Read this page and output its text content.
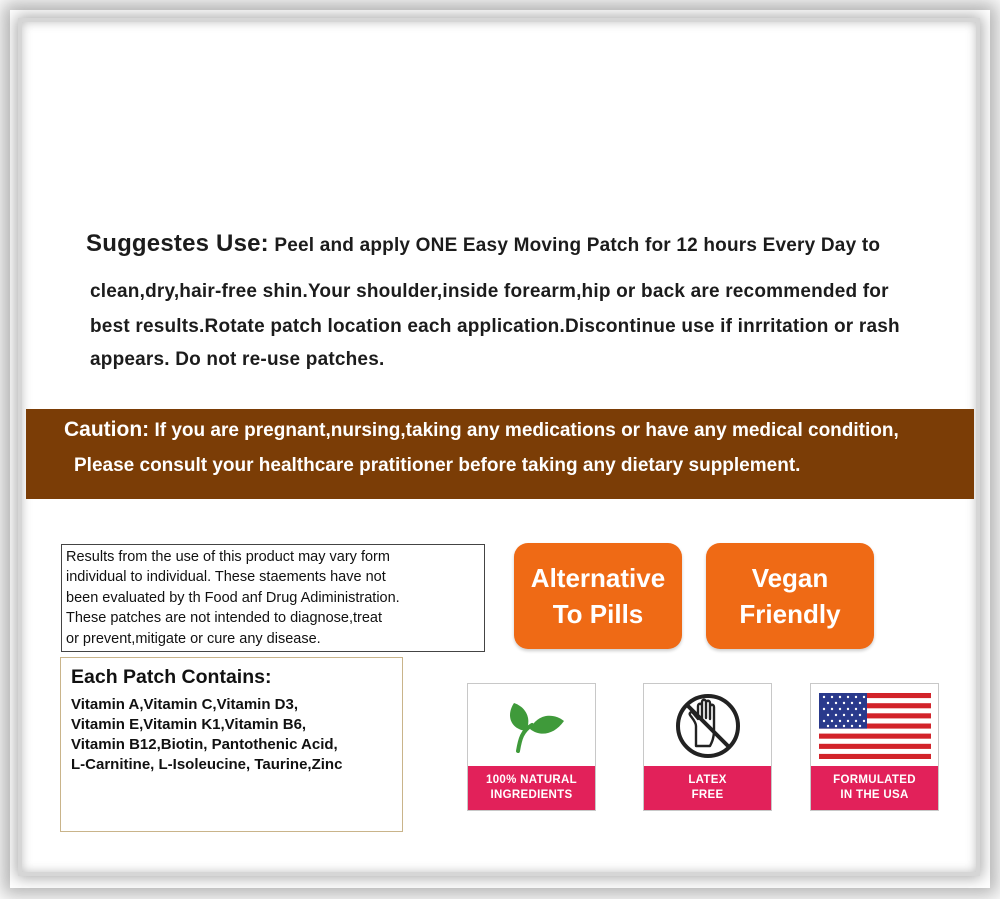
Suggestes Use: Peel and apply ONE Easy Moving Patch for 12 hours Every Day to
clean,dry,hair-free shin.Your shoulder,inside forearm,hip or back are recommended for
best results.Rotate patch location each application.Discontinue use if inrritation or rash
appears. Do not re-use patches.
Caution: If you are pregnant,nursing,taking any medications or have any medical condition,
Please consult your healthcare pratitioner before taking any dietary supplement.
Results from the use of this product may vary form
individual to individual. These staements have not
been evaluated by th Food anf Drug Adiministration.
These patches are not intended to diagnose,treat
or prevent,mitigate or cure any disease.
Each Patch Contains:
Vitamin A,Vitamin C,Vitamin D3,
Vitamin E,Vitamin K1,Vitamin B6,
Vitamin B12,Biotin, Pantothenic Acid,
L-Carnitine, L-Isoleucine, Taurine,Zinc
Alternative
To Pills
Vegan
Friendly
100% NATURAL
INGREDIENTS
LATEX
FREE
FORMULATED
IN THE USA
